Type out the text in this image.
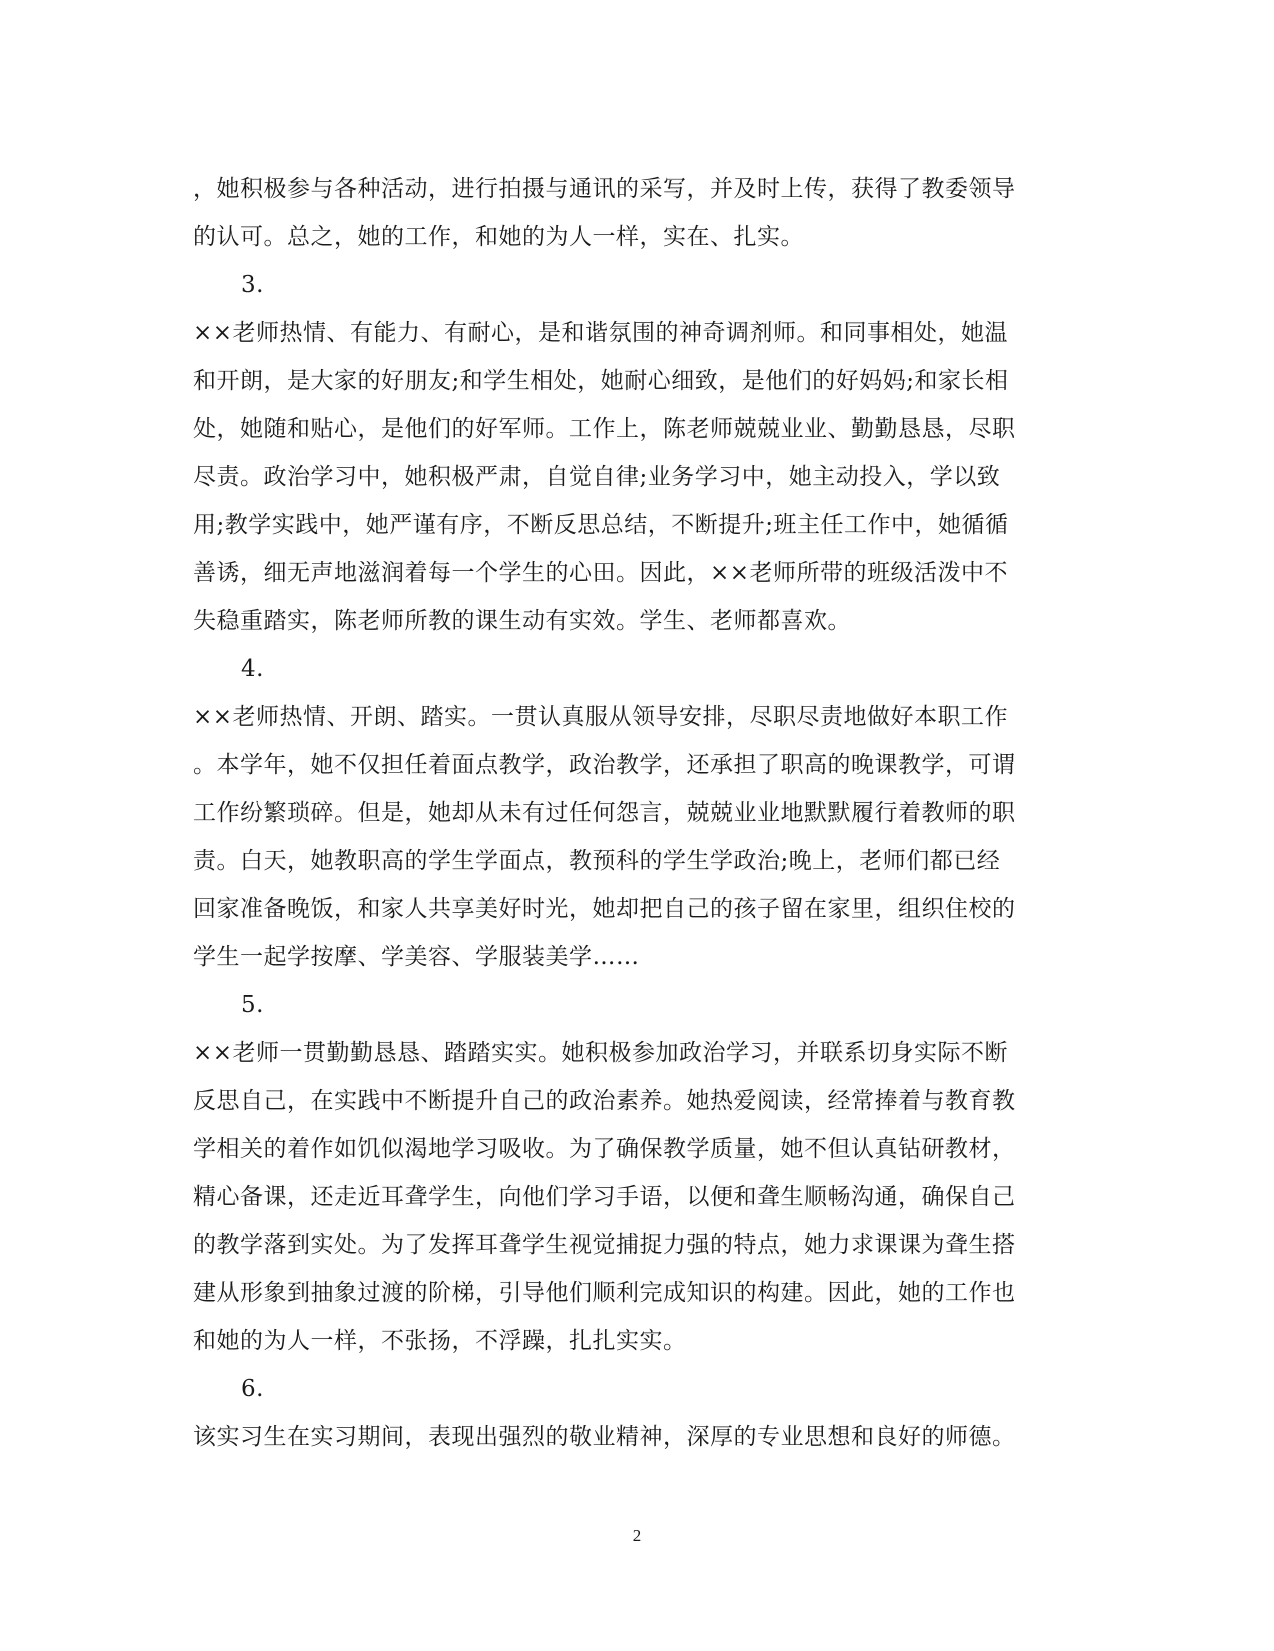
，她积极参与各种活动，进行拍摄与通讯的采写，并及时上传，获得了教委领导
的认可。总之，她的工作，和她的为人一样，实在、扎实。
3.
××老师热情、有能力、有耐心，是和谐氛围的神奇调剂师。和同事相处，她温
和开朗，是大家的好朋友;和学生相处，她耐心细致，是他们的好妈妈;和家长相
处，她随和贴心，是他们的好军师。工作上，陈老师兢兢业业、勤勤恳恳，尽职
尽责。政治学习中，她积极严肃，自觉自律;业务学习中，她主动投入，学以致
用;教学实践中，她严谨有序，不断反思总结，不断提升;班主任工作中，她循循
善诱，细无声地滋润着每一个学生的心田。因此，××老师所带的班级活泼中不
失稳重踏实，陈老师所教的课生动有实效。学生、老师都喜欢。
4.
××老师热情、开朗、踏实。一贯认真服从领导安排，尽职尽责地做好本职工作
。本学年，她不仅担任着面点教学，政治教学，还承担了职高的晚课教学，可谓
工作纷繁琐碎。但是，她却从未有过任何怨言，兢兢业业地默默履行着教师的职
责。白天，她教职高的学生学面点，教预科的学生学政治;晚上，老师们都已经
回家准备晚饭，和家人共享美好时光，她却把自己的孩子留在家里，组织住校的
学生一起学按摩、学美容、学服装美学……
5.
××老师一贯勤勤恳恳、踏踏实实。她积极参加政治学习，并联系切身实际不断
反思自己，在实践中不断提升自己的政治素养。她热爱阅读，经常捧着与教育教
学相关的着作如饥似渴地学习吸收。为了确保教学质量，她不但认真钻研教材，
精心备课，还走近耳聋学生，向他们学习手语，以便和聋生顺畅沟通，确保自己
的教学落到实处。为了发挥耳聋学生视觉捕捉力强的特点，她力求课课为聋生搭
建从形象到抽象过渡的阶梯，引导他们顺利完成知识的构建。因此，她的工作也
和她的为人一样，不张扬，不浮躁，扎扎实实。
6.
该实习生在实习期间，表现出强烈的敬业精神，深厚的专业思想和良好的师德。
2
